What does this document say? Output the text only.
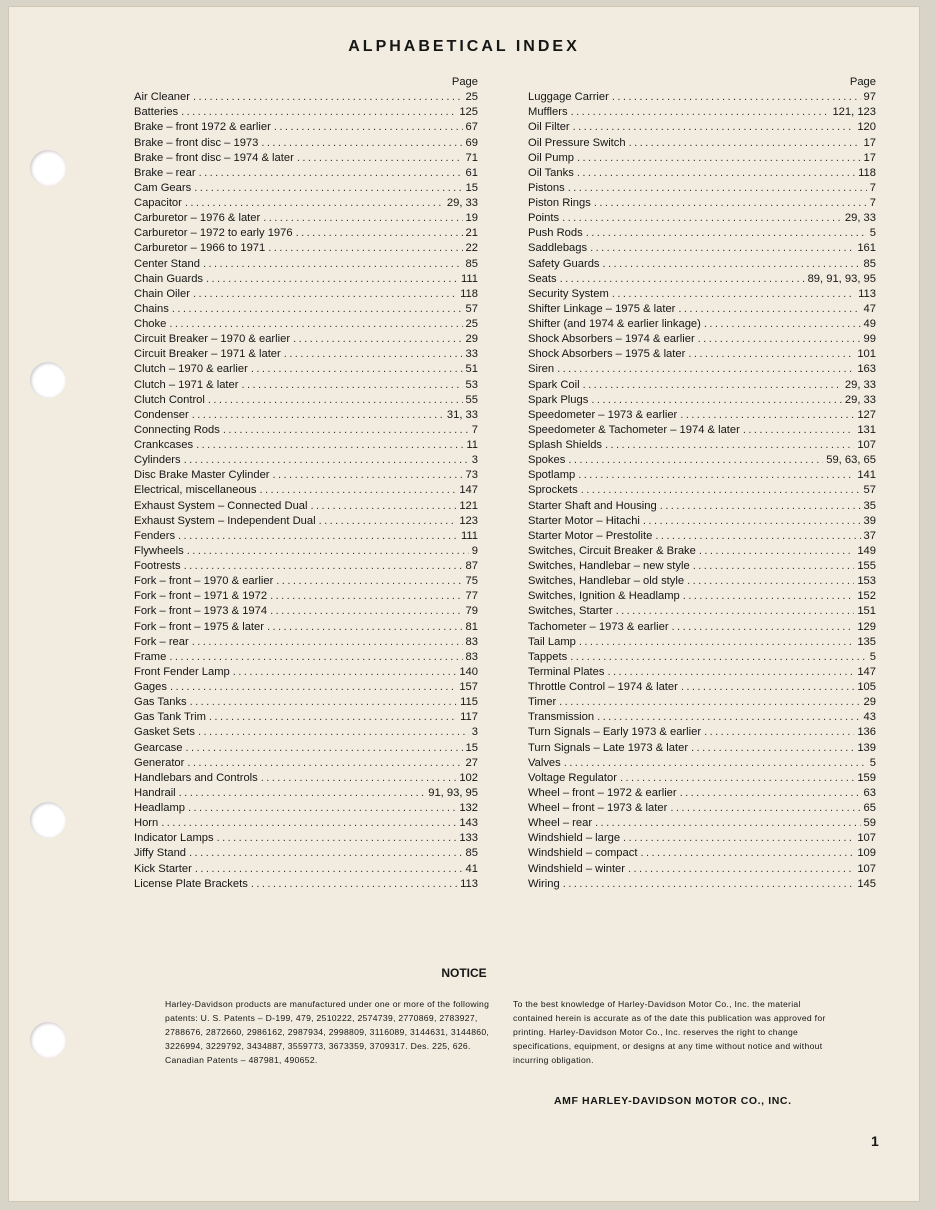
ALPHABETICAL INDEX
Page
Air Cleaner .....	25
Batteries .....	125
Brake – front 1972 & earlier .....	67
Brake – front disc – 1973 .....	69
Brake – front disc – 1974 & later .....	71
Brake – rear .....	61
Cam Gears .....	15
Capacitor .....	29, 33
Carburetor – 1976 & later .....	19
Carburetor – 1972 to early 1976 .....	21
Carburetor – 1966 to 1971 .....	22
Center Stand .....	85
Chain Guards .....	111
Chain Oiler .....	118
Chains .....	57
Choke .....	25
Circuit Breaker – 1970 & earlier .....	29
Circuit Breaker – 1971 & later .....	33
Clutch – 1970 & earlier .....	51
Clutch – 1971 & later .....	53
Clutch Control .....	55
Condenser .....	31, 33
Connecting Rods .....	7
Crankcases .....	11
Cylinders .....	3
Disc Brake Master Cylinder .....	73
Electrical, miscellaneous .....	147
Exhaust System – Connected Dual .....	121
Exhaust System – Independent Dual .....	123
Fenders .....	111
Flywheels .....	9
Footrests .....	87
Fork – front – 1970 & earlier .....	75
Fork – front – 1971 & 1972 .....	77
Fork – front – 1973 & 1974 .....	79
Fork – front – 1975 & later .....	81
Fork – rear .....	83
Frame .....	83
Front Fender Lamp .....	140
Gages .....	157
Gas Tanks .....	115
Gas Tank Trim .....	117
Gasket Sets .....	3
Gearcase .....	15
Generator .....	27
Handlebars and Controls .....	102
Handrail .....	91, 93, 95
Headlamp .....	132
Horn .....	143
Indicator Lamps .....	133
Jiffy Stand .....	85
Kick Starter .....	41
License Plate Brackets .....	113
Page
Luggage Carrier .....	97
Mufflers .....	121, 123
Oil Filter .....	120
Oil Pressure Switch .....	17
Oil Pump .....	17
Oil Tanks .....	118
Pistons .....	7
Piston Rings .....	7
Points .....	29, 33
Push Rods .....	5
Saddlebags .....	161
Safety Guards .....	85
Seats .....	89, 91, 93, 95
Security System .....	113
Shifter Linkage – 1975 & later .....	47
Shifter (and 1974 & earlier linkage) .....	49
Shock Absorbers – 1974 & earlier .....	99
Shock Absorbers – 1975 & later .....	101
Siren .....	163
Spark Coil .....	29, 33
Spark Plugs .....	29, 33
Speedometer – 1973 & earlier .....	127
Speedometer & Tachometer – 1974 & later .....	131
Splash Shields .....	107
Spokes .....	59, 63, 65
Spotlamp .....	141
Sprockets .....	57
Starter Shaft and Housing .....	35
Starter Motor – Hitachi .....	39
Starter Motor – Prestolite .....	37
Switches, Circuit Breaker & Brake .....	149
Switches, Handlebar – new style .....	155
Switches, Handlebar – old style .....	153
Switches, Ignition & Headlamp .....	152
Switches, Starter .....	151
Tachometer – 1973 & earlier .....	129
Tail Lamp .....	135
Tappets .....	5
Terminal Plates .....	147
Throttle Control – 1974 & later .....	105
Timer .....	29
Transmission .....	43
Turn Signals – Early 1973 & earlier .....	136
Turn Signals – Late 1973 & later .....	139
Valves .....	5
Voltage Regulator .....	159
Wheel – front – 1972 & earlier .....	63
Wheel – front – 1973 & later .....	65
Wheel – rear .....	59
Windshield – large .....	107
Windshield – compact .....	109
Windshield – winter .....	107
Wiring .....	145
NOTICE
Harley-Davidson products are manufactured under one or more of the following patents: U. S. Patents – D-199, 479, 2510222, 2574739, 2770869, 2783927, 2788676, 2872660, 2986162, 2987934, 2998809, 3116089, 3144631, 3144860, 3226994, 3229792, 3434887, 3559773, 3673359, 3709317. Des. 225, 626. Canadian Patents – 487981, 490652.
To the best knowledge of Harley-Davidson Motor Co., Inc. the material contained herein is accurate as of the date this publication was approved for printing. Harley-Davidson Motor Co., Inc. reserves the right to change specifications, equipment, or designs at any time without notice and without incurring obligation.
AMF HARLEY-DAVIDSON MOTOR CO., INC.
1
